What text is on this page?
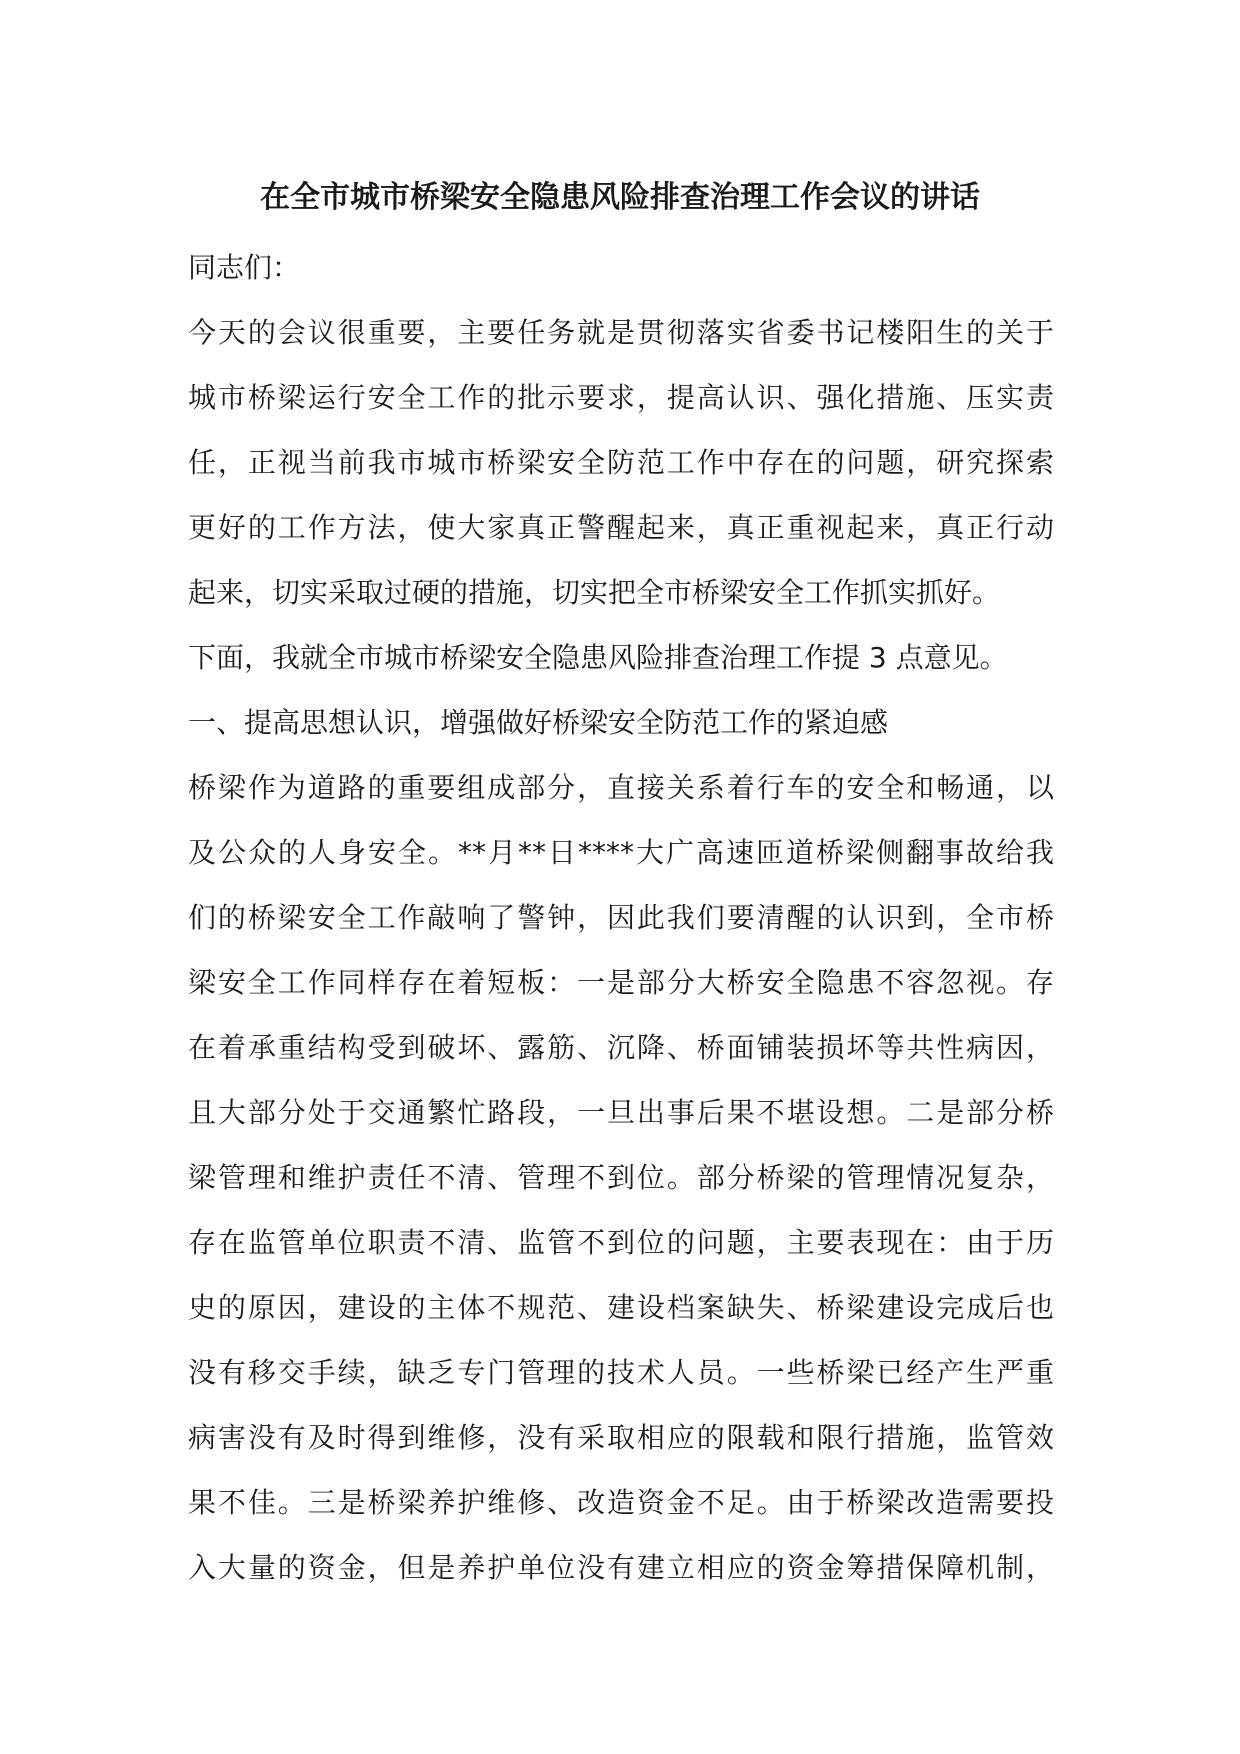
在全市城市桥梁安全隐患风险排查治理工作会议的讲话
同志们：
今天的会议很重要，主要任务就是贯彻落实省委书记楼阳生的关于
城市桥梁运行安全工作的批示要求，提高认识、强化措施、压实责
任，正视当前我市城市桥梁安全防范工作中存在的问题，研究探索
更好的工作方法，使大家真正警醒起来，真正重视起来，真正行动
起来，切实采取过硬的措施，切实把全市桥梁安全工作抓实抓好。
下面，我就全市城市桥梁安全隐患风险排查治理工作提 3 点意见。
一、提高思想认识，增强做好桥梁安全防范工作的紧迫感
桥梁作为道路的重要组成部分，直接关系着行车的安全和畅通，以
及公众的人身安全。**月**日****大广高速匝道桥梁侧翻事故给我
们的桥梁安全工作敲响了警钟，因此我们要清醒的认识到，全市桥
梁安全工作同样存在着短板：一是部分大桥安全隐患不容忽视。存
在着承重结构受到破坏、露筋、沉降、桥面铺装损坏等共性病因，
且大部分处于交通繁忙路段，一旦出事后果不堪设想。二是部分桥
梁管理和维护责任不清、管理不到位。部分桥梁的管理情况复杂，
存在监管单位职责不清、监管不到位的问题，主要表现在：由于历
史的原因，建设的主体不规范、建设档案缺失、桥梁建设完成后也
没有移交手续，缺乏专门管理的技术人员。一些桥梁已经产生严重
病害没有及时得到维修，没有采取相应的限载和限行措施，监管效
果不佳。三是桥梁养护维修、改造资金不足。由于桥梁改造需要投
入大量的资金，但是养护单位没有建立相应的资金筹措保障机制，
